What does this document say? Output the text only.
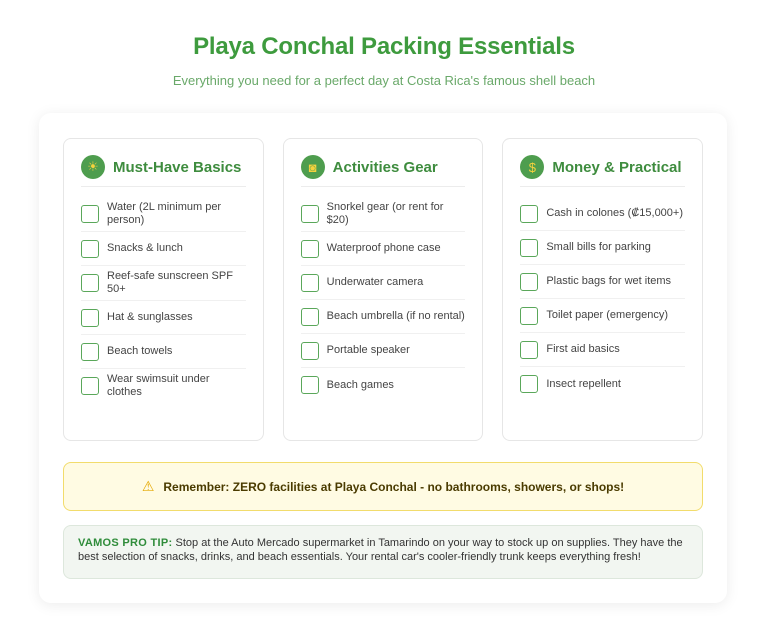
Playa Conchal Packing Essentials

Everything you need for a perfect day at Costa Rica's famous shell beach

☀ Must-Have Basics
Water (2L minimum per person)
Snacks & lunch
Reef-safe sunscreen SPF 50+
Hat & sunglasses
Beach towels
Wear swimsuit under clothes
◙	Activities Gear
Snorkel gear (or rent for $20)
Waterproof phone case
Underwater camera
Beach umbrella (if no rental)
Portable speaker
Beach games
$	Money & Practical
Cash in colones (₡15,000+)
Small bills for parking
Plastic bags for wet items
Toilet paper (emergency)
First aid basics
Insect repellent
⚠ Remember: ZERO facilities at Playa Conchal - no bathrooms, showers, or shops!
VAMOS PRO TIP: Stop at the Auto Mercado supermarket in Tamarindo on your way to stock up on supplies. They have the best selection of snacks, drinks, and beach essentials. Your rental car's cooler-friendly trunk keeps everything fresh!
